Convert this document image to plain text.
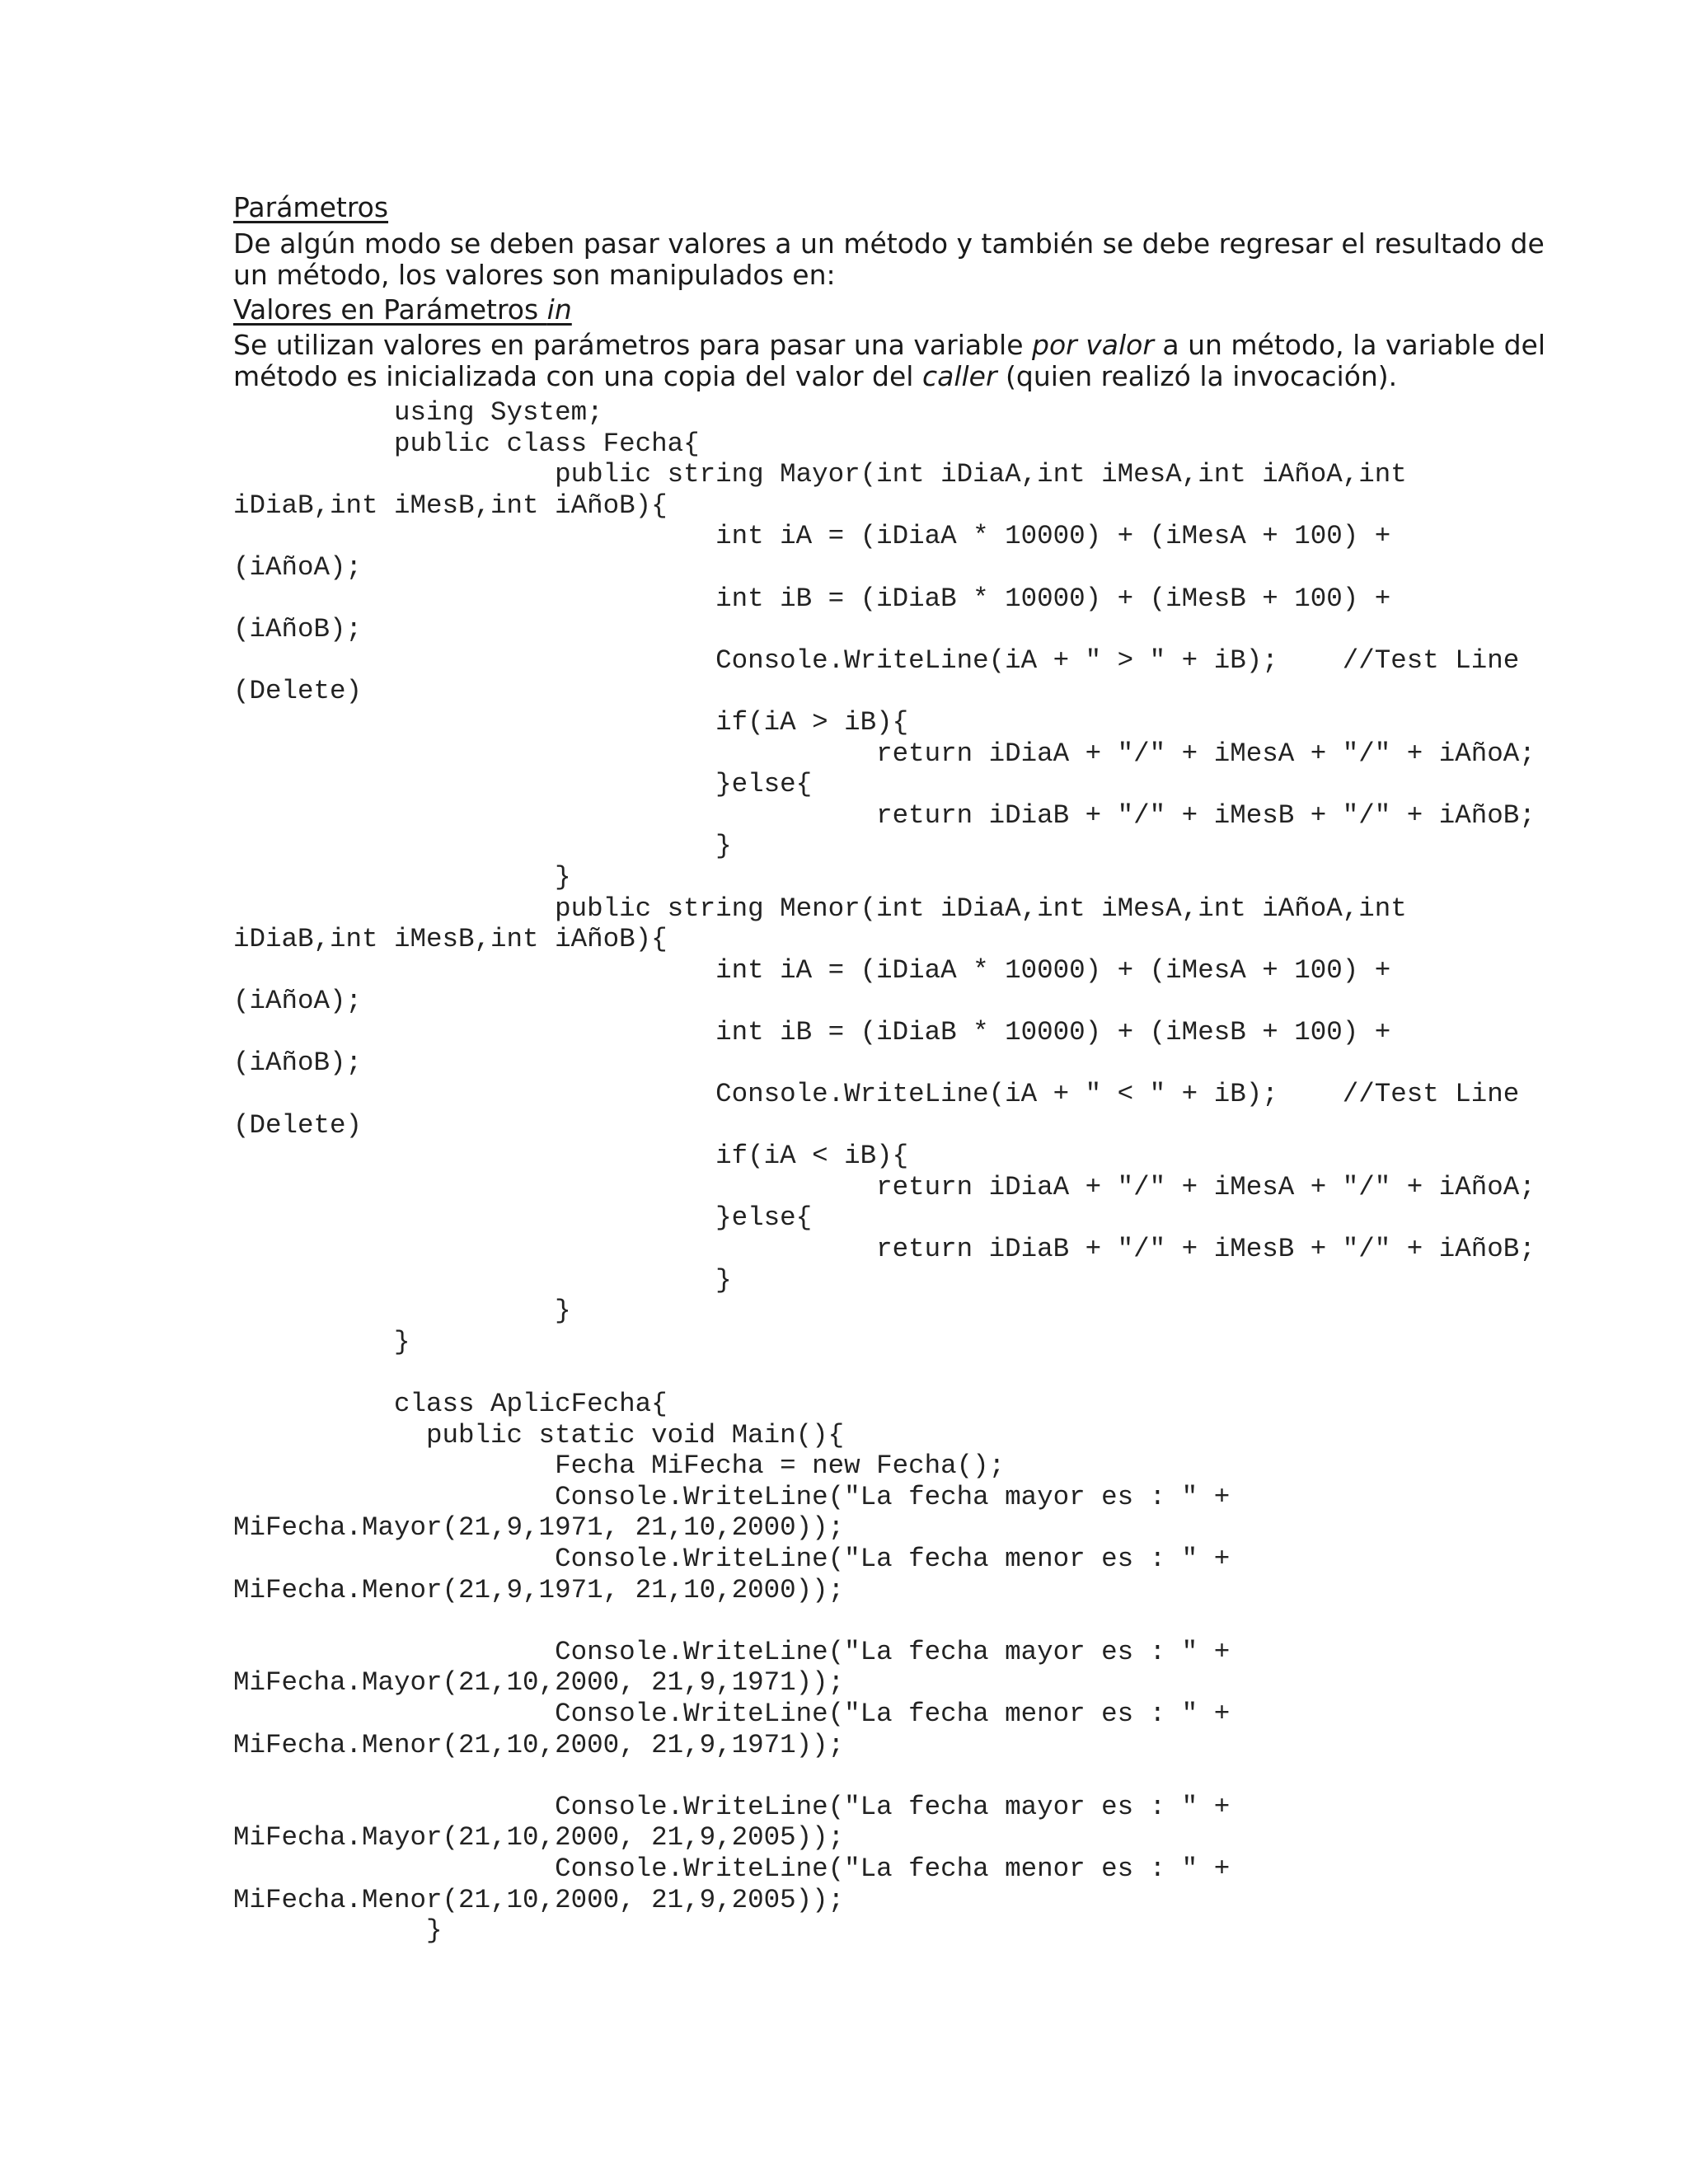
Parámetros

De algún modo se deben pasar valores a un método y también se debe regresar el resultado de
un método, los valores son manipulados en:

Valores en Parámetros in

Se utilizan valores en parámetros para pasar una variable por valor a un método, la variable del
método es inicializada con una copia del valor del caller (quien realizó la invocación).

using System;
public class Fecha{
public string Mayor(int iDiaA,int iMesA,int iAñoA,int
iDiaB,int iMesB,int iAñoB){
int iA = (iDiaA * 10000) + (iMesA + 100) +
(iAñoA);
int iB = (iDiaB * 10000) + (iMesB + 100) +
(iAñoB);
Console.WriteLine(iA + " > " + iB);    //Test Line
(Delete)
if(iA > iB){
return iDiaA + "/" + iMesA + "/" + iAñoA;
}else{
return iDiaB + "/" + iMesB + "/" + iAñoB;
}
}
public string Menor(int iDiaA,int iMesA,int iAñoA,int
iDiaB,int iMesB,int iAñoB){
int iA = (iDiaA * 10000) + (iMesA + 100) +
(iAñoA);
int iB = (iDiaB * 10000) + (iMesB + 100) +
(iAñoB);
Console.WriteLine(iA + " < " + iB);    //Test Line
(Delete)
if(iA < iB){
return iDiaA + "/" + iMesA + "/" + iAñoA;
}else{
return iDiaB + "/" + iMesB + "/" + iAñoB;
}
}
}
class AplicFecha{
public static void Main(){
Fecha MiFecha = new Fecha();
Console.WriteLine("La fecha mayor es : " +
MiFecha.Mayor(21,9,1971, 21,10,2000));
Console.WriteLine("La fecha menor es : " +
MiFecha.Menor(21,9,1971, 21,10,2000));
Console.WriteLine("La fecha mayor es : " +
MiFecha.Mayor(21,10,2000, 21,9,1971));
Console.WriteLine("La fecha menor es : " +
MiFecha.Menor(21,10,2000, 21,9,1971));
Console.WriteLine("La fecha mayor es : " +
MiFecha.Mayor(21,10,2000, 21,9,2005));
Console.WriteLine("La fecha menor es : " +
MiFecha.Menor(21,10,2000, 21,9,2005));
}
